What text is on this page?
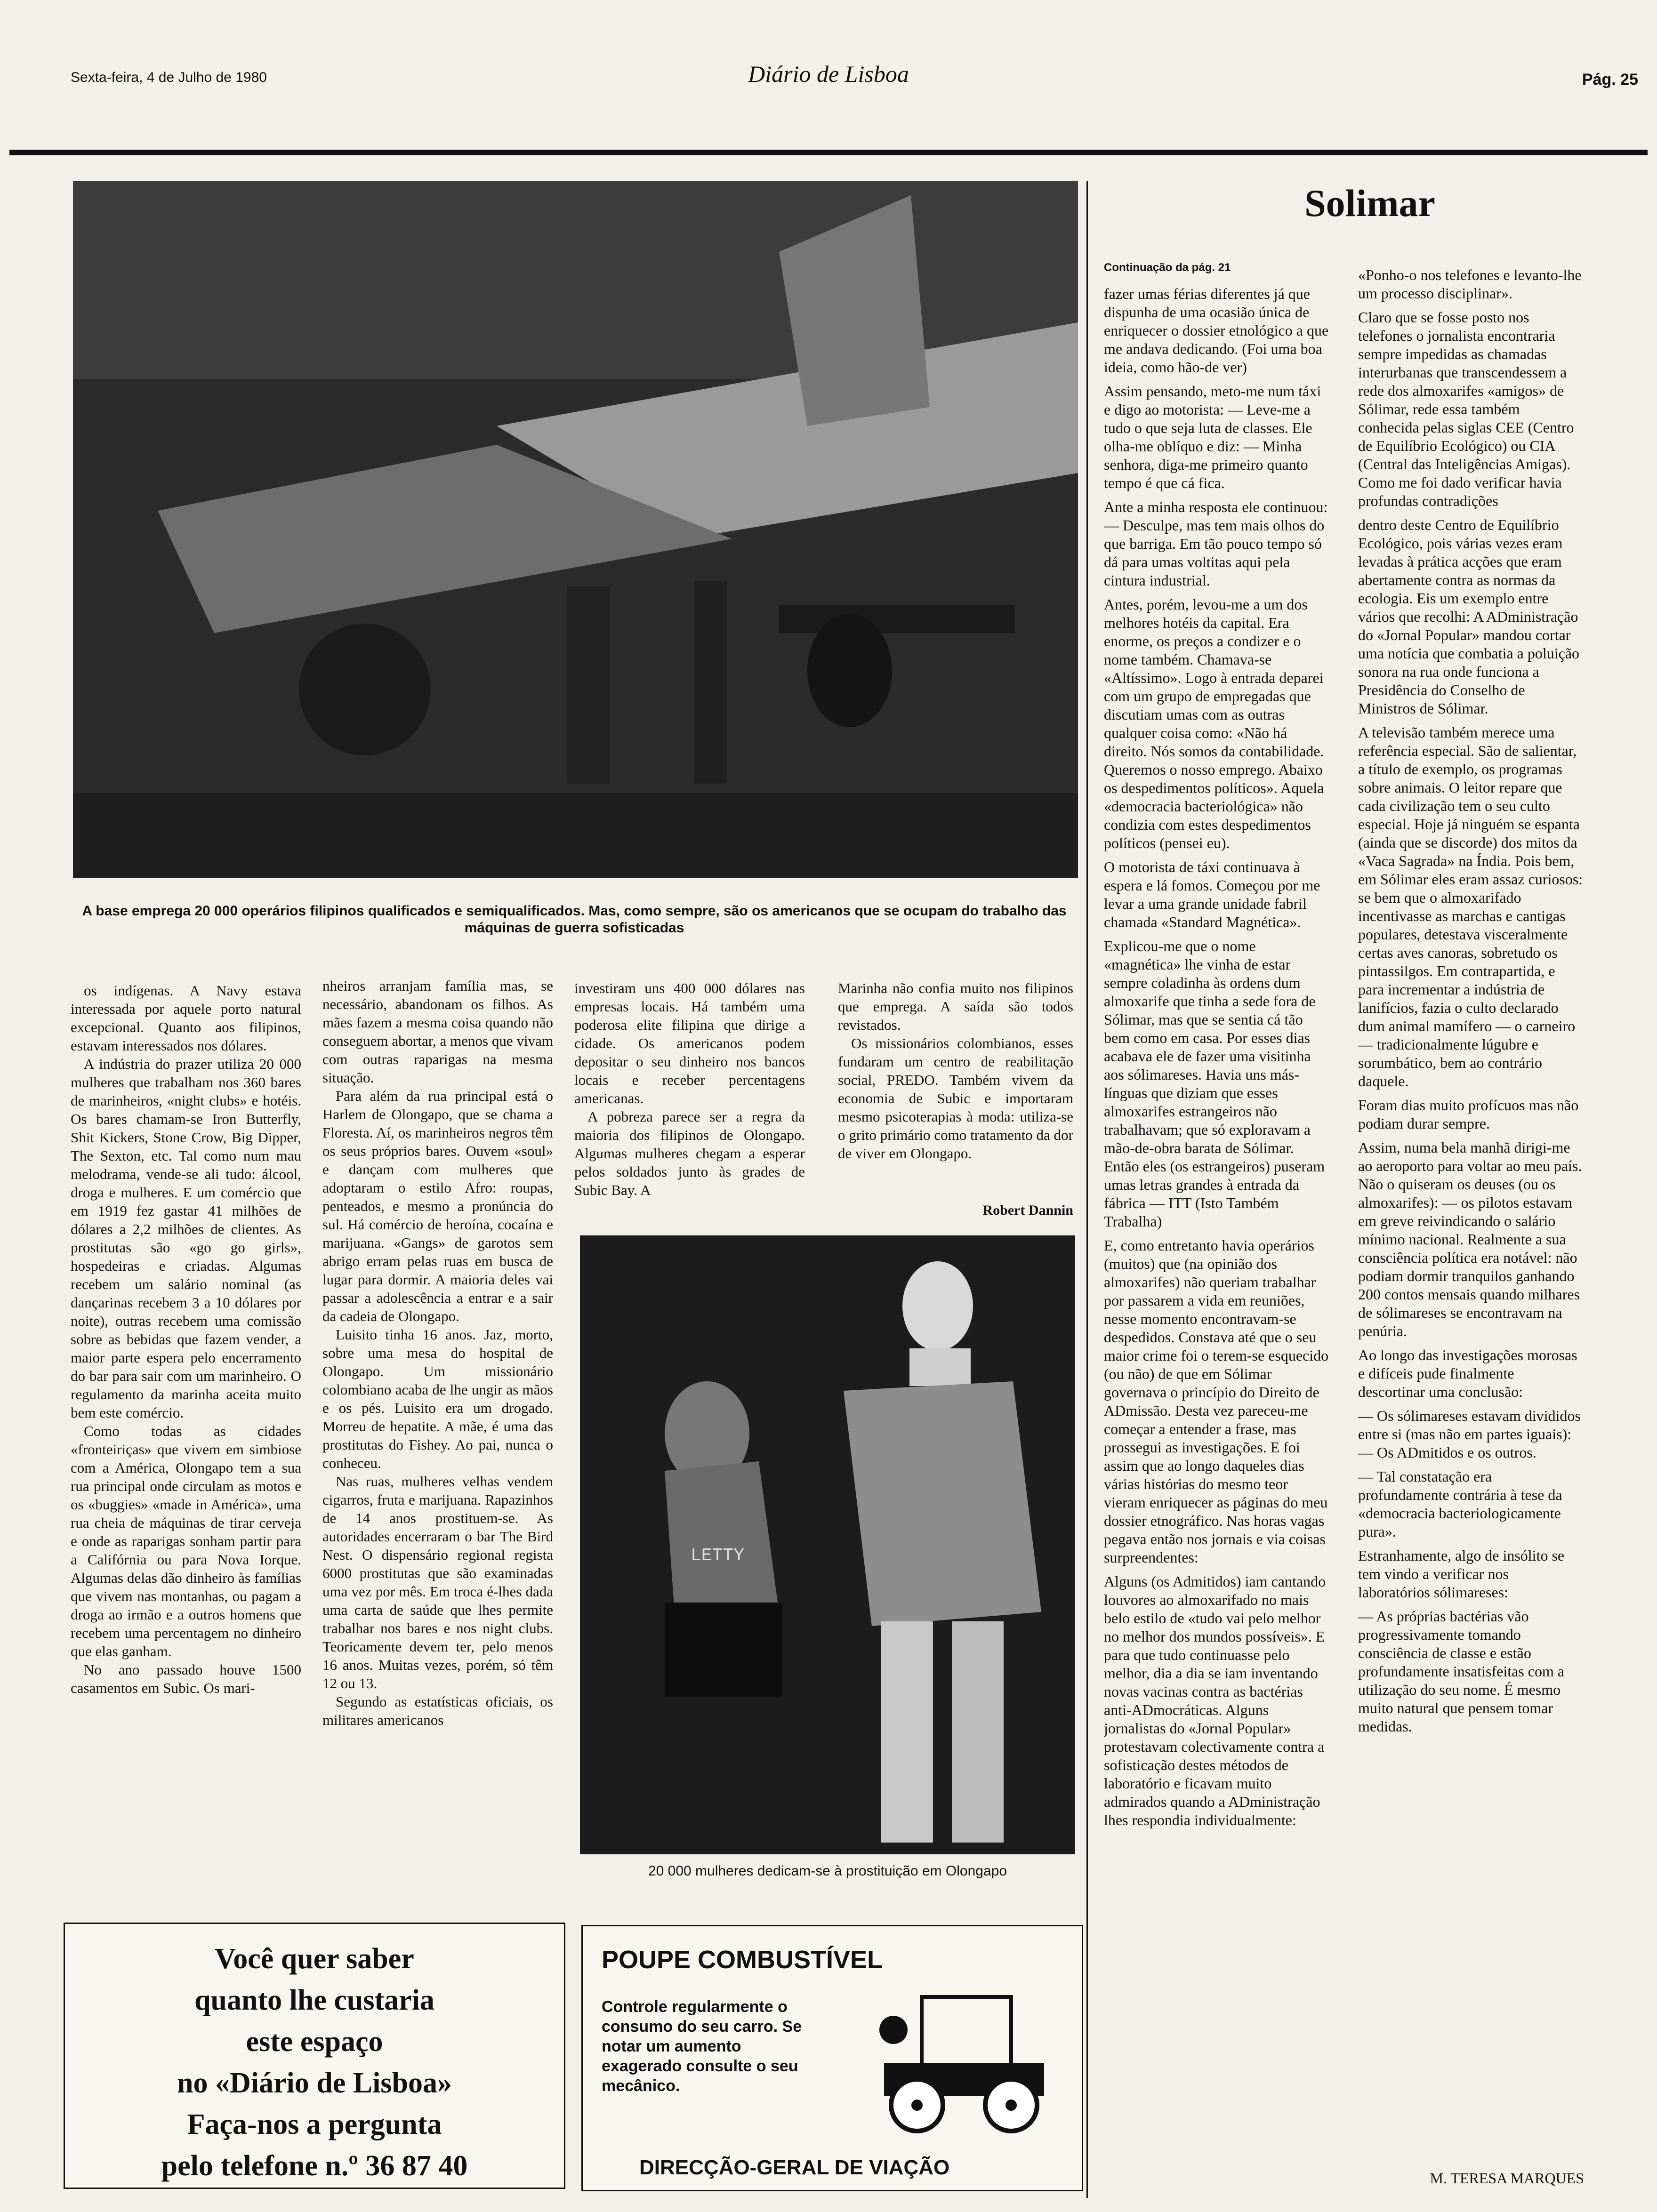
Sexta-feira, 4 de Julho de 1980	Diário de Lisboa	Pág. 25
A base emprega 20 000 operários filipinos qualificados e semiqualificados. Mas, como sempre, são os americanos que se ocupam do trabalho das máquinas de guerra sofisticadas

os indígenas. A Navy estava interessada por aquele porto natural excepcional. Quanto aos filipinos, estavam interessados nos dólares.

A indústria do prazer utiliza 20 000 mulheres que trabalham nos 360 bares de marinheiros, «night clubs» e hotéis. Os bares chamam-se Iron Butterfly, Shit Kickers, Stone Crow, Big Dipper, The Sexton, etc. Tal como num mau melodrama, vende-se ali tudo: álcool, droga e mulheres. E um comércio que em 1919 fez gastar 41 milhões de dólares a 2,2 milhões de clientes. As prostitutas são «go go girls», hospedeiras e criadas. Algumas recebem um salário nominal (as dançarinas recebem 3 a 10 dólares por noite), outras recebem uma comissão sobre as bebidas que fazem vender, a maior parte espera pelo encerramento do bar para sair com um marinheiro. O regulamento da marinha aceita muito bem este comércio.

Como todas as cidades «fronteiriças» que vivem em simbiose com a América, Olongapo tem a sua rua principal onde circulam as motos e os «buggies» «made in América», uma rua cheia de máquinas de tirar cerveja e onde as raparigas sonham partir para a Califórnia ou para Nova Iorque. Algumas delas dão dinheiro às famílias que vivem nas montanhas, ou pagam a droga ao irmão e a outros homens que recebem uma percentagem no dinheiro que elas ganham.

No ano passado houve 1500 casamentos em Subic. Os mari-

nheiros arranjam família mas, se necessário, abandonam os filhos. As mães fazem a mesma coisa quando não conseguem abortar, a menos que vivam com outras raparigas na mesma situação.

Para além da rua principal está o Harlem de Olongapo, que se chama a Floresta. Aí, os marinheiros negros têm os seus próprios bares. Ouvem «soul» e dançam com mulheres que adoptaram o estilo Afro: roupas, penteados, e mesmo a pronúncia do sul. Há comércio de heroína, cocaína e marijuana. «Gangs» de garotos sem abrigo erram pelas ruas em busca de lugar para dormir. A maioria deles vai passar a adolescência a entrar e a sair da cadeia de Olongapo.

Luisito tinha 16 anos. Jaz, morto, sobre uma mesa do hospital de Olongapo. Um missionário colombiano acaba de lhe ungir as mãos e os pés. Luisito era um drogado. Morreu de hepatite. A mãe, é uma das prostitutas do Fishey. Ao pai, nunca o conheceu.

Nas ruas, mulheres velhas vendem cigarros, fruta e marijuana. Rapazinhos de 14 anos prostituem-se. As autoridades encerraram o bar The Bird Nest. O dispensário regional regista 6000 prostitutas que são examinadas uma vez por mês. Em troca é-lhes dada uma carta de saúde que lhes permite trabalhar nos bares e nos night clubs. Teoricamente devem ter, pelo menos 16 anos. Muitas vezes, porém, só têm 12 ou 13.

Segundo as estatísticas oficiais, os militares americanos

investiram uns 400 000 dólares nas empresas locais. Há também uma poderosa elite filipina que dirige a cidade. Os americanos podem depositar o seu dinheiro nos bancos locais e receber percentagens americanas.

A pobreza parece ser a regra da maioria dos filipinos de Olongapo. Algumas mulheres chegam a esperar pelos soldados junto às grades de Subic Bay. A

Marinha não confia muito nos filipinos que emprega. A saída são todos revistados.

Os missionários colombianos, esses fundaram um centro de reabilitação social, PREDO. Também vivem da economia de Subic e importaram mesmo psicoterapias à moda: utiliza-se o grito primário como tratamento da dor de viver em Olongapo.

Robert Dannin
LETTY
20 000 mulheres dedicam-se à prostituição em Olongapo
Você quer saber
quanto lhe custaria
este espaço
no «Diário de Lisboa»
Faça-nos a pergunta
pelo telefone n.º 36 87 40
POUPE COMBUSTÍVEL
Controle regularmente o consumo do seu carro. Se notar um aumento exagerado consulte o seu mecânico.
DIRECÇÃO-GERAL DE VIAÇÃO
Solimar
Continuação da pág. 21

fazer umas férias diferentes já que dispunha de uma ocasião única de enriquecer o dossier etnológico a que me andava dedicando. (Foi uma boa ideia, como hão-de ver)

Assim pensando, meto-me num táxi e digo ao motorista: — Leve-me a tudo o que seja luta de classes. Ele olha-me oblíquo e diz: — Minha senhora, diga-me primeiro quanto tempo é que cá fica.

Ante a minha resposta ele continuou: — Desculpe, mas tem mais olhos do que barriga. Em tão pouco tempo só dá para umas voltitas aqui pela cintura industrial.

Antes, porém, levou-me a um dos melhores hotéis da capital. Era enorme, os preços a condizer e o nome também. Chamava-se «Altíssimo». Logo à entrada deparei com um grupo de empregadas que discutiam umas com as outras qualquer coisa como: «Não há direito. Nós somos da contabilidade. Queremos o nosso emprego. Abaixo os despedimentos políticos». Aquela «democracia bacteriológica» não condizia com estes despedimentos políticos (pensei eu).

O motorista de táxi continuava à espera e lá fomos. Começou por me levar a uma grande unidade fabril chamada «Standard Magnética».

Explicou-me que o nome «magnética» lhe vinha de estar sempre coladinha às ordens dum almoxarife que tinha a sede fora de Sólimar, mas que se sentia cá tão bem como em casa. Por esses dias acabava ele de fazer uma visitinha aos sólimareses. Havia uns más-línguas que diziam que esses almoxarifes estrangeiros não trabalhavam; que só exploravam a mão-de-obra barata de Sólimar. Então eles (os estrangeiros) puseram umas letras grandes à entrada da fábrica — ITT (Isto Também Trabalha)

E, como entretanto havia operários (muitos) que (na opinião dos almoxarifes) não queriam trabalhar por passarem a vida em reuniões, nesse momento encontravam-se despedidos. Constava até que o seu maior crime foi o terem-se esquecido (ou não) de que em Sólimar governava o princípio do Direito de ADmissão. Desta vez pareceu-me começar a entender a frase, mas prossegui as investigações. E foi assim que ao longo daqueles dias várias histórias do mesmo teor vieram enriquecer as páginas do meu dossier etnográfico. Nas horas vagas pegava então nos jornais e via coisas surpreendentes:

Alguns (os Admitidos) iam cantando louvores ao almoxarifado no mais belo estilo de «tudo vai pelo melhor no melhor dos mundos possíveis». E para que tudo continuasse pelo melhor, dia a dia se iam inventando novas vacinas contra as bactérias anti-ADmocráticas. Alguns jornalistas do «Jornal Popular» protestavam colectivamente contra a sofisticação destes métodos de laboratório e ficavam muito admirados quando a ADministração lhes respondia individualmente:

«Ponho-o nos telefones e levanto-lhe um processo disciplinar».

Claro que se fosse posto nos telefones o jornalista encontraria sempre impedidas as chamadas interurbanas que transcendessem a rede dos almoxarifes «amigos» de Sólimar, rede essa também conhecida pelas siglas CEE (Centro de Equilíbrio Ecológico) ou CIA (Central das Inteligências Amigas). Como me foi dado verificar havia profundas contradições

dentro deste Centro de Equilíbrio Ecológico, pois várias vezes eram levadas à prática acções que eram abertamente contra as normas da ecologia. Eis um exemplo entre vários que recolhi: A ADministração do «Jornal Popular» mandou cortar uma notícia que combatia a poluição sonora na rua onde funciona a Presidência do Conselho de Ministros de Sólimar.

A televisão também merece uma referência especial. São de salientar, a título de exemplo, os programas sobre animais. O leitor repare que cada civilização tem o seu culto especial. Hoje já ninguém se espanta (ainda que se discorde) dos mitos da «Vaca Sagrada» na Índia. Pois bem, em Sólimar eles eram assaz curiosos: se bem que o almoxarifado incentivasse as marchas e cantigas populares, detestava visceralmente certas aves canoras, sobretudo os pintassilgos. Em contrapartida, e para incrementar a indústria de lanifícios, fazia o culto declarado dum animal mamífero — o carneiro — tradicionalmente lúgubre e sorumbático, bem ao contrário daquele.

Foram dias muito profícuos mas não podiam durar sempre.

Assim, numa bela manhã dirigi-me ao aeroporto para voltar ao meu país. Não o quiseram os deuses (ou os almoxarifes): — os pilotos estavam em greve reivindicando o salário mínimo nacional. Realmente a sua consciência política era notável: não podiam dormir tranquilos ganhando 200 contos mensais quando milhares de sólimareses se encontravam na penúria.

Ao longo das investigações morosas e difíceis pude finalmente descortinar uma conclusão:

— Os sólimareses estavam divididos entre si (mas não em partes iguais): — Os ADmitidos e os outros.

— Tal constatação era profundamente contrária à tese da «democracia bacteriologicamente pura».

Estranhamente, algo de insólito se tem vindo a verificar nos laboratórios sólimareses:

— As próprias bactérias vão progressivamente tomando consciência de classe e estão profundamente insatisfeitas com a utilização do seu nome. É mesmo muito natural que pensem tomar medidas.

M. TERESA MARQUES
